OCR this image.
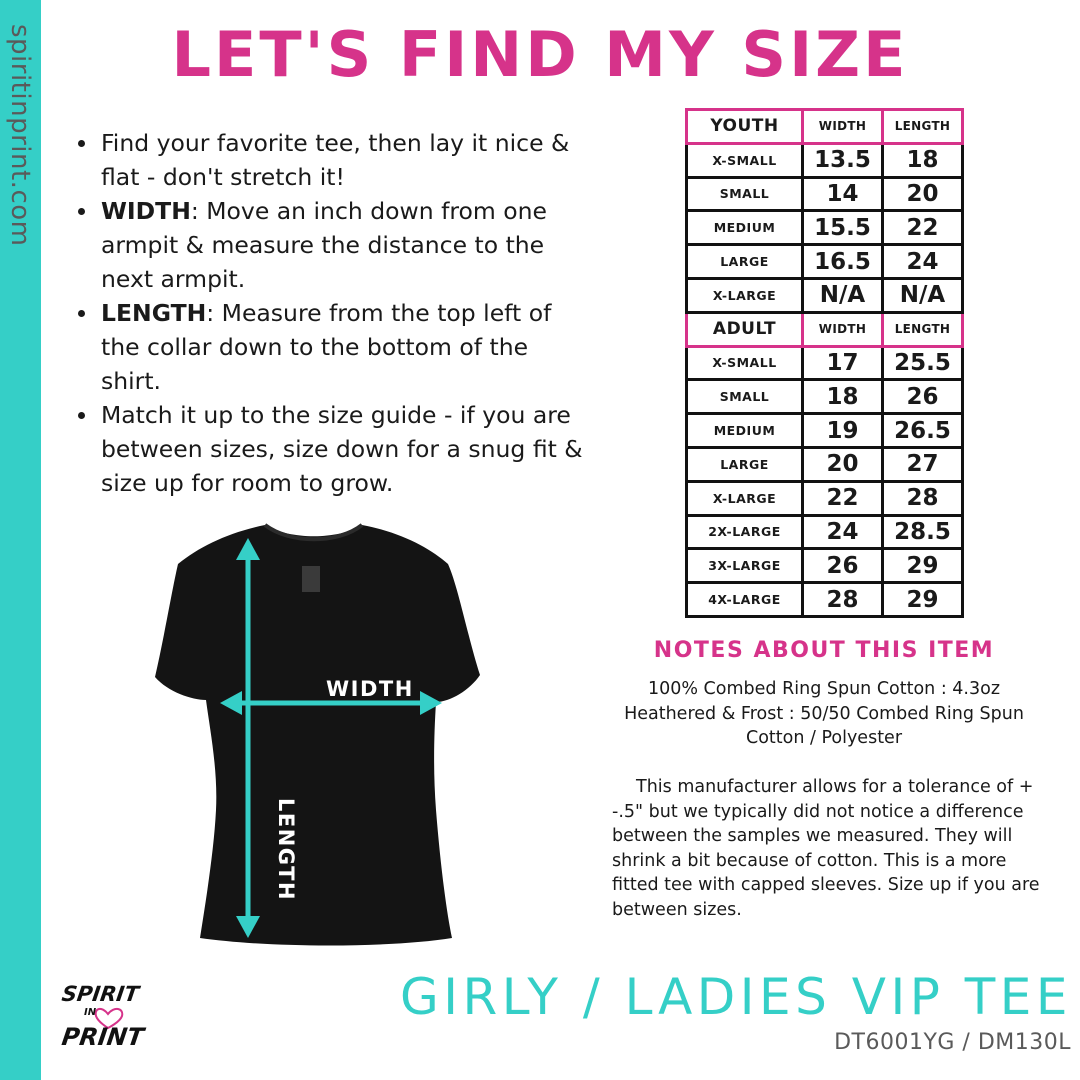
spiritinprint.com	LET'S FIND MY SIZE
Find your favorite tee, then lay it nice & flat - don't stretch it!
WIDTH: Move an inch down from one armpit & measure the distance to the next armpit.
LENGTH: Measure from the top left of the collar down to the bottom of the shirt.
Match it up to the size guide - if you are between sizes, size down for a snug fit & size up for room to grow.
YOUTH	WIDTH	LENGTH
X-SMALL	13.5	18
SMALL	14	20
MEDIUM	15.5	22
LARGE	16.5	24
X-LARGE	N/A	N/A
ADULT	WIDTH	LENGTH
X-SMALL	17	25.5
SMALL	18	26
MEDIUM	19	26.5
LARGE	20	27
X-LARGE	22	28
2X-LARGE	24	28.5
3X-LARGE	26	29
4X-LARGE	28	29
WIDTH
LENGTH
NOTES ABOUT THIS ITEM

100% Combed Ring Spun Cotton : 4.3oz Heathered & Frost : 50/50 Combed Ring Spun Cotton / Polyester

This manufacturer allows for a tolerance of + -.5" but we typically did not notice a difference between the samples we measured. They will shrink a bit because of cotton. This is a more fitted tee with capped sleeves. Size up if you are between sizes.

SPIRIT
IN
PRINT
GIRLY / LADIES VIP TEE
DT6001YG / DM130L
